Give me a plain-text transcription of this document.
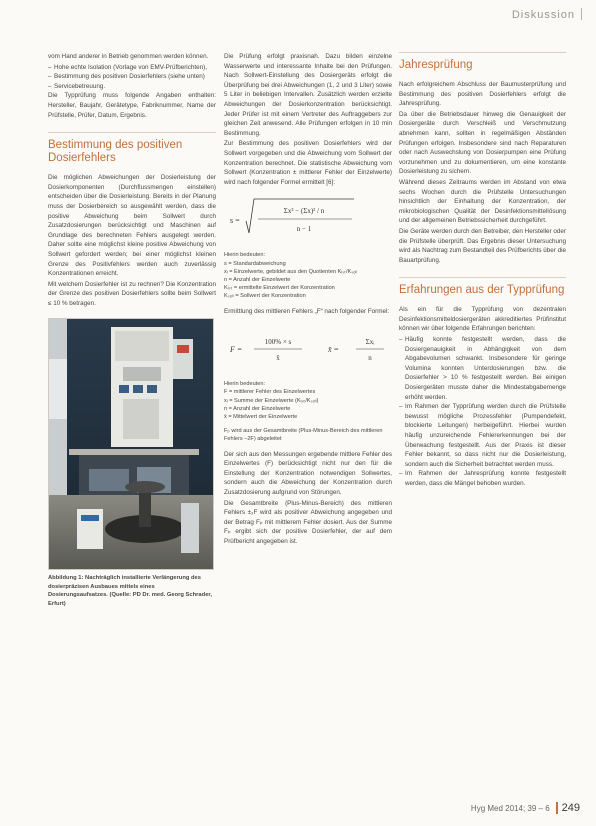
Diskussion

vom Hand anderer in Betrieb genommen werden können.

– Hohe echte Isolation (Vorlage von EMV-Prüfberichten),
– Bestimmung des positiven Dosierfehlers (siehe unten)
– Servicebetreuung.

Die Typprüfung muss folgende Angaben enthalten: Hersteller, Baujahr, Gerätetype, Fabriknummer, Name der Prüfstelle, Prüfer, Datum, Ergebnis.

Bestimmung des positiven Dosierfehlers

Die möglichen Abweichungen der Dosierleistung der Dosierkomponenten (Durchflussmengen einstellen) entscheiden über die Dosierleistung. Bereits in der Planung muss der Dosierbereich so ausgewählt werden, dass die positive Abweichung beim Sollwert durch Zusatzdosierungen berücksichtigt und Maschinen auf Grundlage des berechneten Fehlers ausgelegt werden. Daher sollte eine möglichst kleine positive Abweichung von Sollwert gefordert werden; bei einer möglichst kleinen Grenze des Positivfehlers werden auch zuverlässig Konzentrationen erreicht.

Mit welchem Dosierfehler ist zu rechnen? Die Konzentration der Grenze des positiven Dosierfehlers sollte beim Sollwert ≤ 10 % betragen.

Abbildung 1: Nachträglich installierte Verlängerung des dosierpräzisen Ausbaues mittels eines Dosierungsaufsatzes. (Quelle: PD Dr. med. Georg Schrader, Erfurt)

Die Prüfung erfolgt praxisnah. Dazu bilden einzelne Wasserwerte und interessante Inhalte bei den Prüfungen. Nach Sollwert-Einstellung des Dosiergeräts erfolgt die Überprüfung bei drei Abweichungen (1, 2 und 3 Liter) sowie 5 Liter in beliebigen Intervallen. Zusätzlich werden erzielte Abweichungen der Dosierkonzentration berücksichtigt. Jeder Prüfer ist mit einem Vertreter des Auftraggebers zur gleichen Zeit anwesend. Alle Prüfungen erfolgen in 10 min Bestimmung.

Zur Bestimmung des positiven Dosierfehlers wird der Sollwert vorgegeben und die Abweichung vom Sollwert der Konzentration berechnet. Die statistische Abweichung vom Sollwert (Konzentration ± mittlerer Fehler der Einzelwerte) wird nach folgender Formel ermittelt [6]:

s =
Σx² − (Σx)² / n
n − 1
Hierin bedeuten:
s = Standardabweichung
xᵢ = Einzelwerte, gebildet aus den Quotienten Kᵢₛₜ/Kₛₒₗₗ
n = Anzahl der Einzelwerte
Kᵢₛₜ = ermittelte Einzelwert der Konzentration
Kₛₒₗₗ = Sollwert der Konzentration

Ermittlung des mittleren Fehlers „F“ nach folgender Formel:

F =
100% × s
x̄
x̄ =
Σxᵢ
n
Hierin bedeuten:
F = mittlerer Fehler des Einzelwertes
xᵢ = Summe der Einzelwerte (Kᵢₛₜ/Kₛₒₗₗ)
n = Anzahl der Einzelwerte
x̄ = Mittelwert der Einzelwerte
Fₚ wird aus der Gesamtbreite (Plus-Minus-Bereich des mittleren Fehlers –2F) abgeleitet

Der sich aus den Messungen ergebende mittlere Fehler des Einzelwertes (F) berücksichtigt nicht nur den für die Einstellung der Konzentration notwendigen Sollwertes, sondern auch die Abweichung der Konzentration durch Zusatzdosierung aufgrund von Störungen.

Die Gesamtbreite (Plus-Minus-Bereich) des mittleren Fehlers ±₂F wird als positiver Abweichung angegeben und der Betrag Fₚ mit mittlerem Fehler dosiert. Aus der Summe Fₚ ergibt sich der positive Dosierfehler, der auf dem Prüfbericht angegeben ist.

Jahresprüfung

Nach erfolgreichem Abschluss der Baumusterprüfung und Bestimmung des positiven Dosierfehlers erfolgt die Jahresprüfung.

Da über die Betriebsdauer hinweg die Genauigkeit der Dosiergeräte durch Verschleiß und Verschmutzung abnehmen kann, sollten in regelmäßigen Abständen Prüfungen erfolgen. Insbesondere sind nach Reparaturen oder nach Auswechslung von Dosierpumpen eine Prüfung vorzunehmen und zu dokumentieren, um eine konstante Dosierleistung zu sichern.

Während dieses Zeitraums werden im Abstand von etwa sechs Wochen durch die Prüfstelle Untersuchungen hinsichtlich der Einhaltung der Konzentration, der mikrobiologischen Qualität der Desinfektionsmittellösung und der allgemeinen Betriebssicherheit durchgeführt.

Die Geräte werden durch den Betreiber, den Hersteller oder die Prüfstelle überprüft. Das Ergebnis dieser Untersuchung wird als Nachtrag zum Bestandteil des Prüfberichts über die Bauartprüfung.

Erfahrungen aus der Typprüfung

Als ein für die Typprüfung von dezentralen Desinfektionsmitteldosiergeräten akkreditiertes Prüfinstitut können wir über folgende Erfahrungen berichten:

– Häufig konnte festgestellt werden, dass die Dosiergenauigkeit in Abhängigkeit von dem Abgabevolumen schwankt. Insbesondere für geringe Volumina konnten Unterdosierungen bzw. die Dosierfehler > 10 % festgestellt werden. Bei einigen Dosiergeräten musste daher die Mindestabgabemenge erhöht werden.
– Im Rahmen der Typprüfung werden durch die Prüfstelle bewusst mögliche Prozessfehler (Pumpendefekt, blockierte Leitungen) herbeigeführt. Hierbei wurden häufig unzureichende Fehlererkennungen bei der Überwachung festgestellt. Aus der Praxis ist dieser Fehler bekannt, so dass nicht nur die Dosierleistung, sondern auch die Sicherheit betrachtet werden muss.
– Im Rahmen der Jahresprüfung konnte festgestellt werden, dass die Mängel behoben wurden.
Hyg Med 2014; 39 – 6 249
